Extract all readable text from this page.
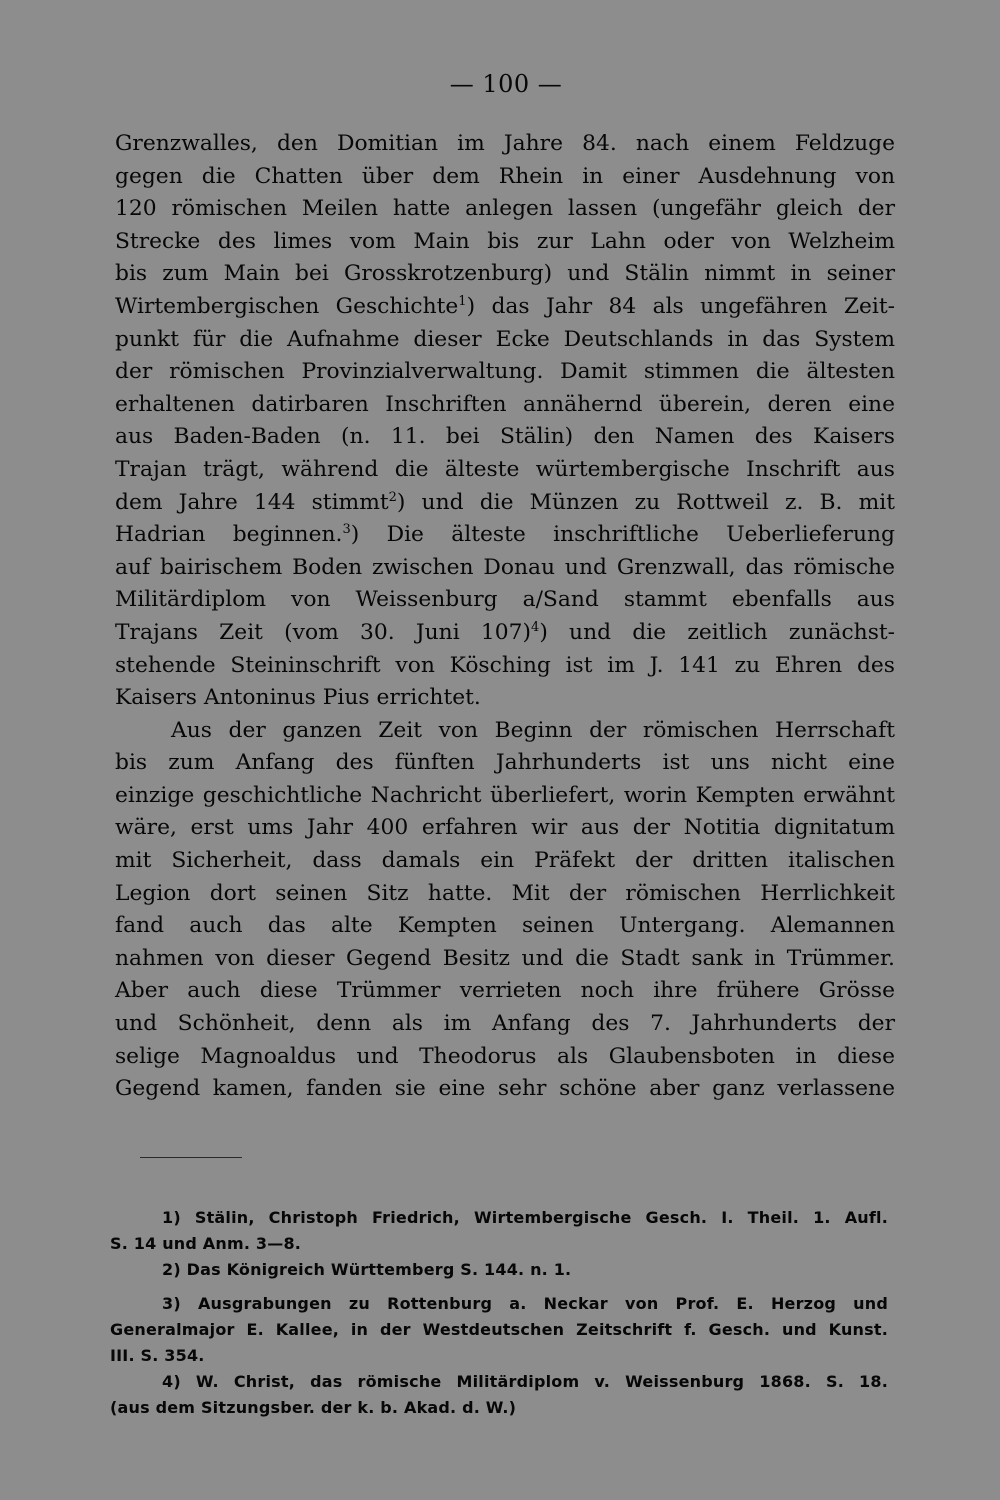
— 100 —
Grenzwalles, den Domitian im Jahre 84. nach einem Feldzuge
gegen die Chatten über dem Rhein in einer Ausdehnung von
120 römischen Meilen hatte anlegen lassen (ungefähr gleich der
Strecke des limes vom Main bis zur Lahn oder von Welzheim
bis zum Main bei Grosskrotzenburg) und Stälin nimmt in seiner
Wirtembergischen Geschichte$^1$) das Jahr 84 als ungefähren Zeit-
punkt für die Aufnahme dieser Ecke Deutschlands in das System
der römischen Provinzialverwaltung. Damit stimmen die ältesten
erhaltenen datirbaren Inschriften annähernd überein, deren eine
aus Baden-Baden (n. 11. bei Stälin) den Namen des Kaisers
Trajan trägt, während die älteste würtembergische Inschrift aus
dem Jahre 144 stimmt$^2$) und die Münzen zu Rottweil z. B. mit
Hadrian beginnen.$^3$) Die älteste inschriftliche Ueberlieferung
auf bairischem Boden zwischen Donau und Grenzwall, das römische
Militärdiplom von Weissenburg a/Sand stammt ebenfalls aus
Trajans Zeit (vom 30. Juni 107)$^4$) und die zeitlich zunächst-
stehende Steininschrift von Kösching ist im J. 141 zu Ehren des
Kaisers Antoninus Pius errichtet.
Aus der ganzen Zeit von Beginn der römischen Herrschaft
bis zum Anfang des fünften Jahrhunderts ist uns nicht eine
einzige geschichtliche Nachricht überliefert, worin Kempten erwähnt
wäre, erst ums Jahr 400 erfahren wir aus der Notitia dignitatum
mit Sicherheit, dass damals ein Präfekt der dritten italischen
Legion dort seinen Sitz hatte. Mit der römischen Herrlichkeit
fand auch das alte Kempten seinen Untergang. Alemannen
nahmen von dieser Gegend Besitz und die Stadt sank in Trümmer.
Aber auch diese Trümmer verrieten noch ihre frühere Grösse
und Schönheit, denn als im Anfang des 7. Jahrhunderts der
selige Magnoaldus und Theodorus als Glaubensboten in diese
Gegend kamen, fanden sie eine sehr schöne aber ganz verlassene
1) Stälin, Christoph Friedrich, Wirtembergische Gesch. I. Theil. 1. Aufl.
S. 14 und Anm. 3—8.
2) Das Königreich Württemberg S. 144. n. 1.
3) Ausgrabungen zu Rottenburg a. Neckar von Prof. E. Herzog und
Generalmajor E. Kallee, in der Westdeutschen Zeitschrift f. Gesch. und Kunst.
III. S. 354.
4) W. Christ, das römische Militärdiplom v. Weissenburg 1868. S. 18.
(aus dem Sitzungsber. der k. b. Akad. d. W.)
